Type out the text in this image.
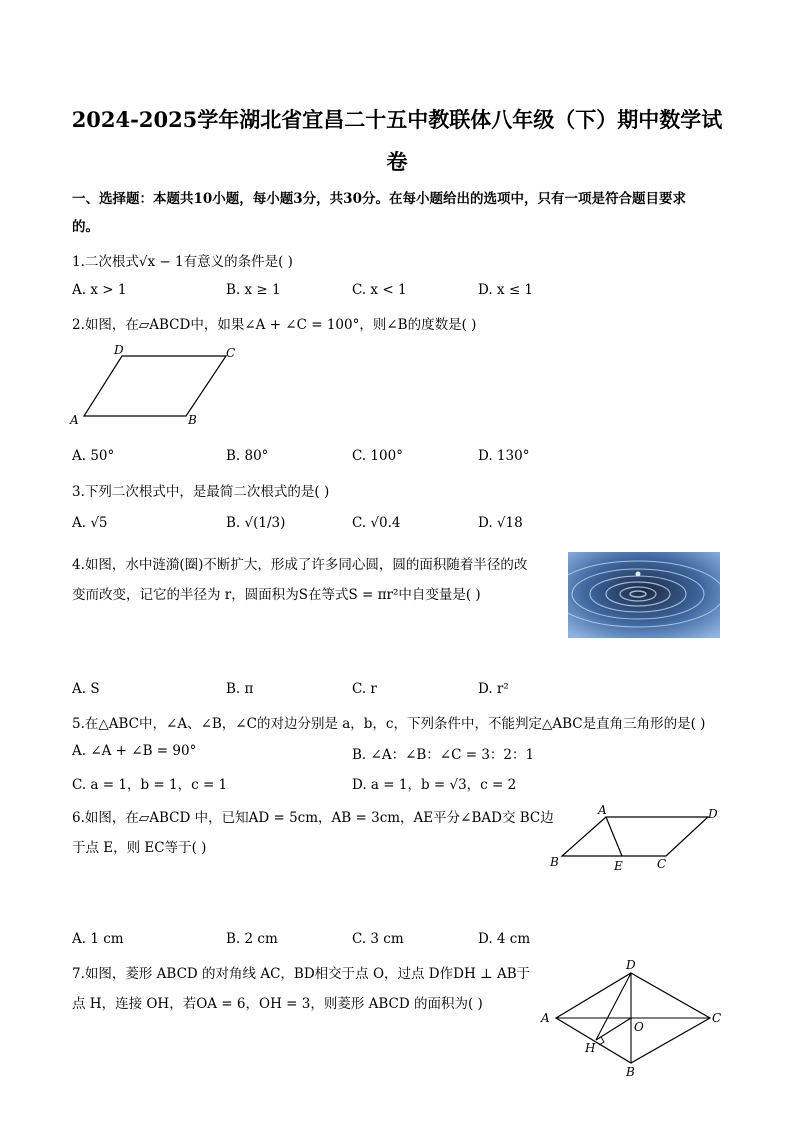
2024-2025学年湖北省宜昌二十五中教联体八年级（下）期中数学试
卷
一、选择题：本题共10小题，每小题3分，共30分。在每小题给出的选项中，只有一项是符合题目要求
的。
1.二次根式√x − 1有意义的条件是( )
A. x > 1	B. x ≥ 1	C. x < 1	D. x ≤ 1
2.如图，在▱ABCD中，如果∠A + ∠C = 100°，则∠B的度数是( )
D	C
A	B
A. 50°	B. 80°	C. 100°	D. 130°
3.下列二次根式中，是最简二次根式的是( )
A. √5	B. √(1/3)	C. √0.4	D. √18
4.如图，水中涟漪(圈)不断扩大，形成了许多同心圆，圆的面积随着半径的改
变而改变，记它的半径为 r，圆面积为S在等式S = πr²中自变量是( )
A. S	B. π	C. r	D. r²
5.在△ABC中，∠A、∠B，∠C的对边分别是 a，b，c，下列条件中，不能判定△ABC是直角三角形的是( )
A. ∠A + ∠B = 90°	B. ∠A：∠B：∠C = 3：2：1
C. a = 1，b = 1，c = 1	D. a = 1，b = √3，c = 2
6.如图，在▱ABCD 中，已知AD = 5cm，AB = 3cm，AE平分∠BAD交 BC边
于点 E，则 EC等于( )
A	D
B	E	C
A. 1 cm	B. 2 cm	C. 3 cm	D. 4 cm
7.如图，菱形 ABCD 的对角线 AC，BD相交于点 O，过点 D作DH ⊥ AB于
点 H，连接 OH，若OA = 6，OH = 3，则菱形 ABCD 的面积为( )
D
A
O
C
H
B
